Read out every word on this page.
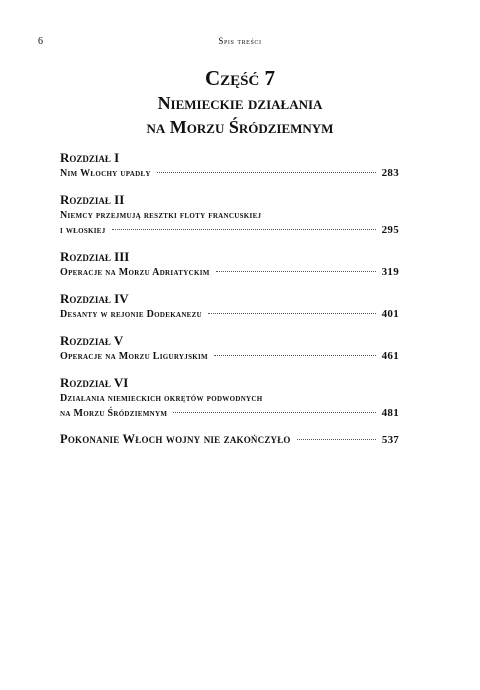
6	Spis treści
Część 7
Niemieckie działania
na Morzu Śródziemnym
Rozdział I
Nim Włochy upadły	283
Rozdział II
Niemcy przejmują resztki floty francuskiej
i włoskiej	295
Rozdział III
Operacje na Morzu Adriatyckim	319
Rozdział IV
Desanty w rejonie Dodekanezu	401
Rozdział V
Operacje na Morzu Liguryjskim	461
Rozdział VI
Działania niemieckich okrętów podwodnych
na Morzu Śródziemnym	481
Pokonanie Włoch wojny nie zakończyło	537
